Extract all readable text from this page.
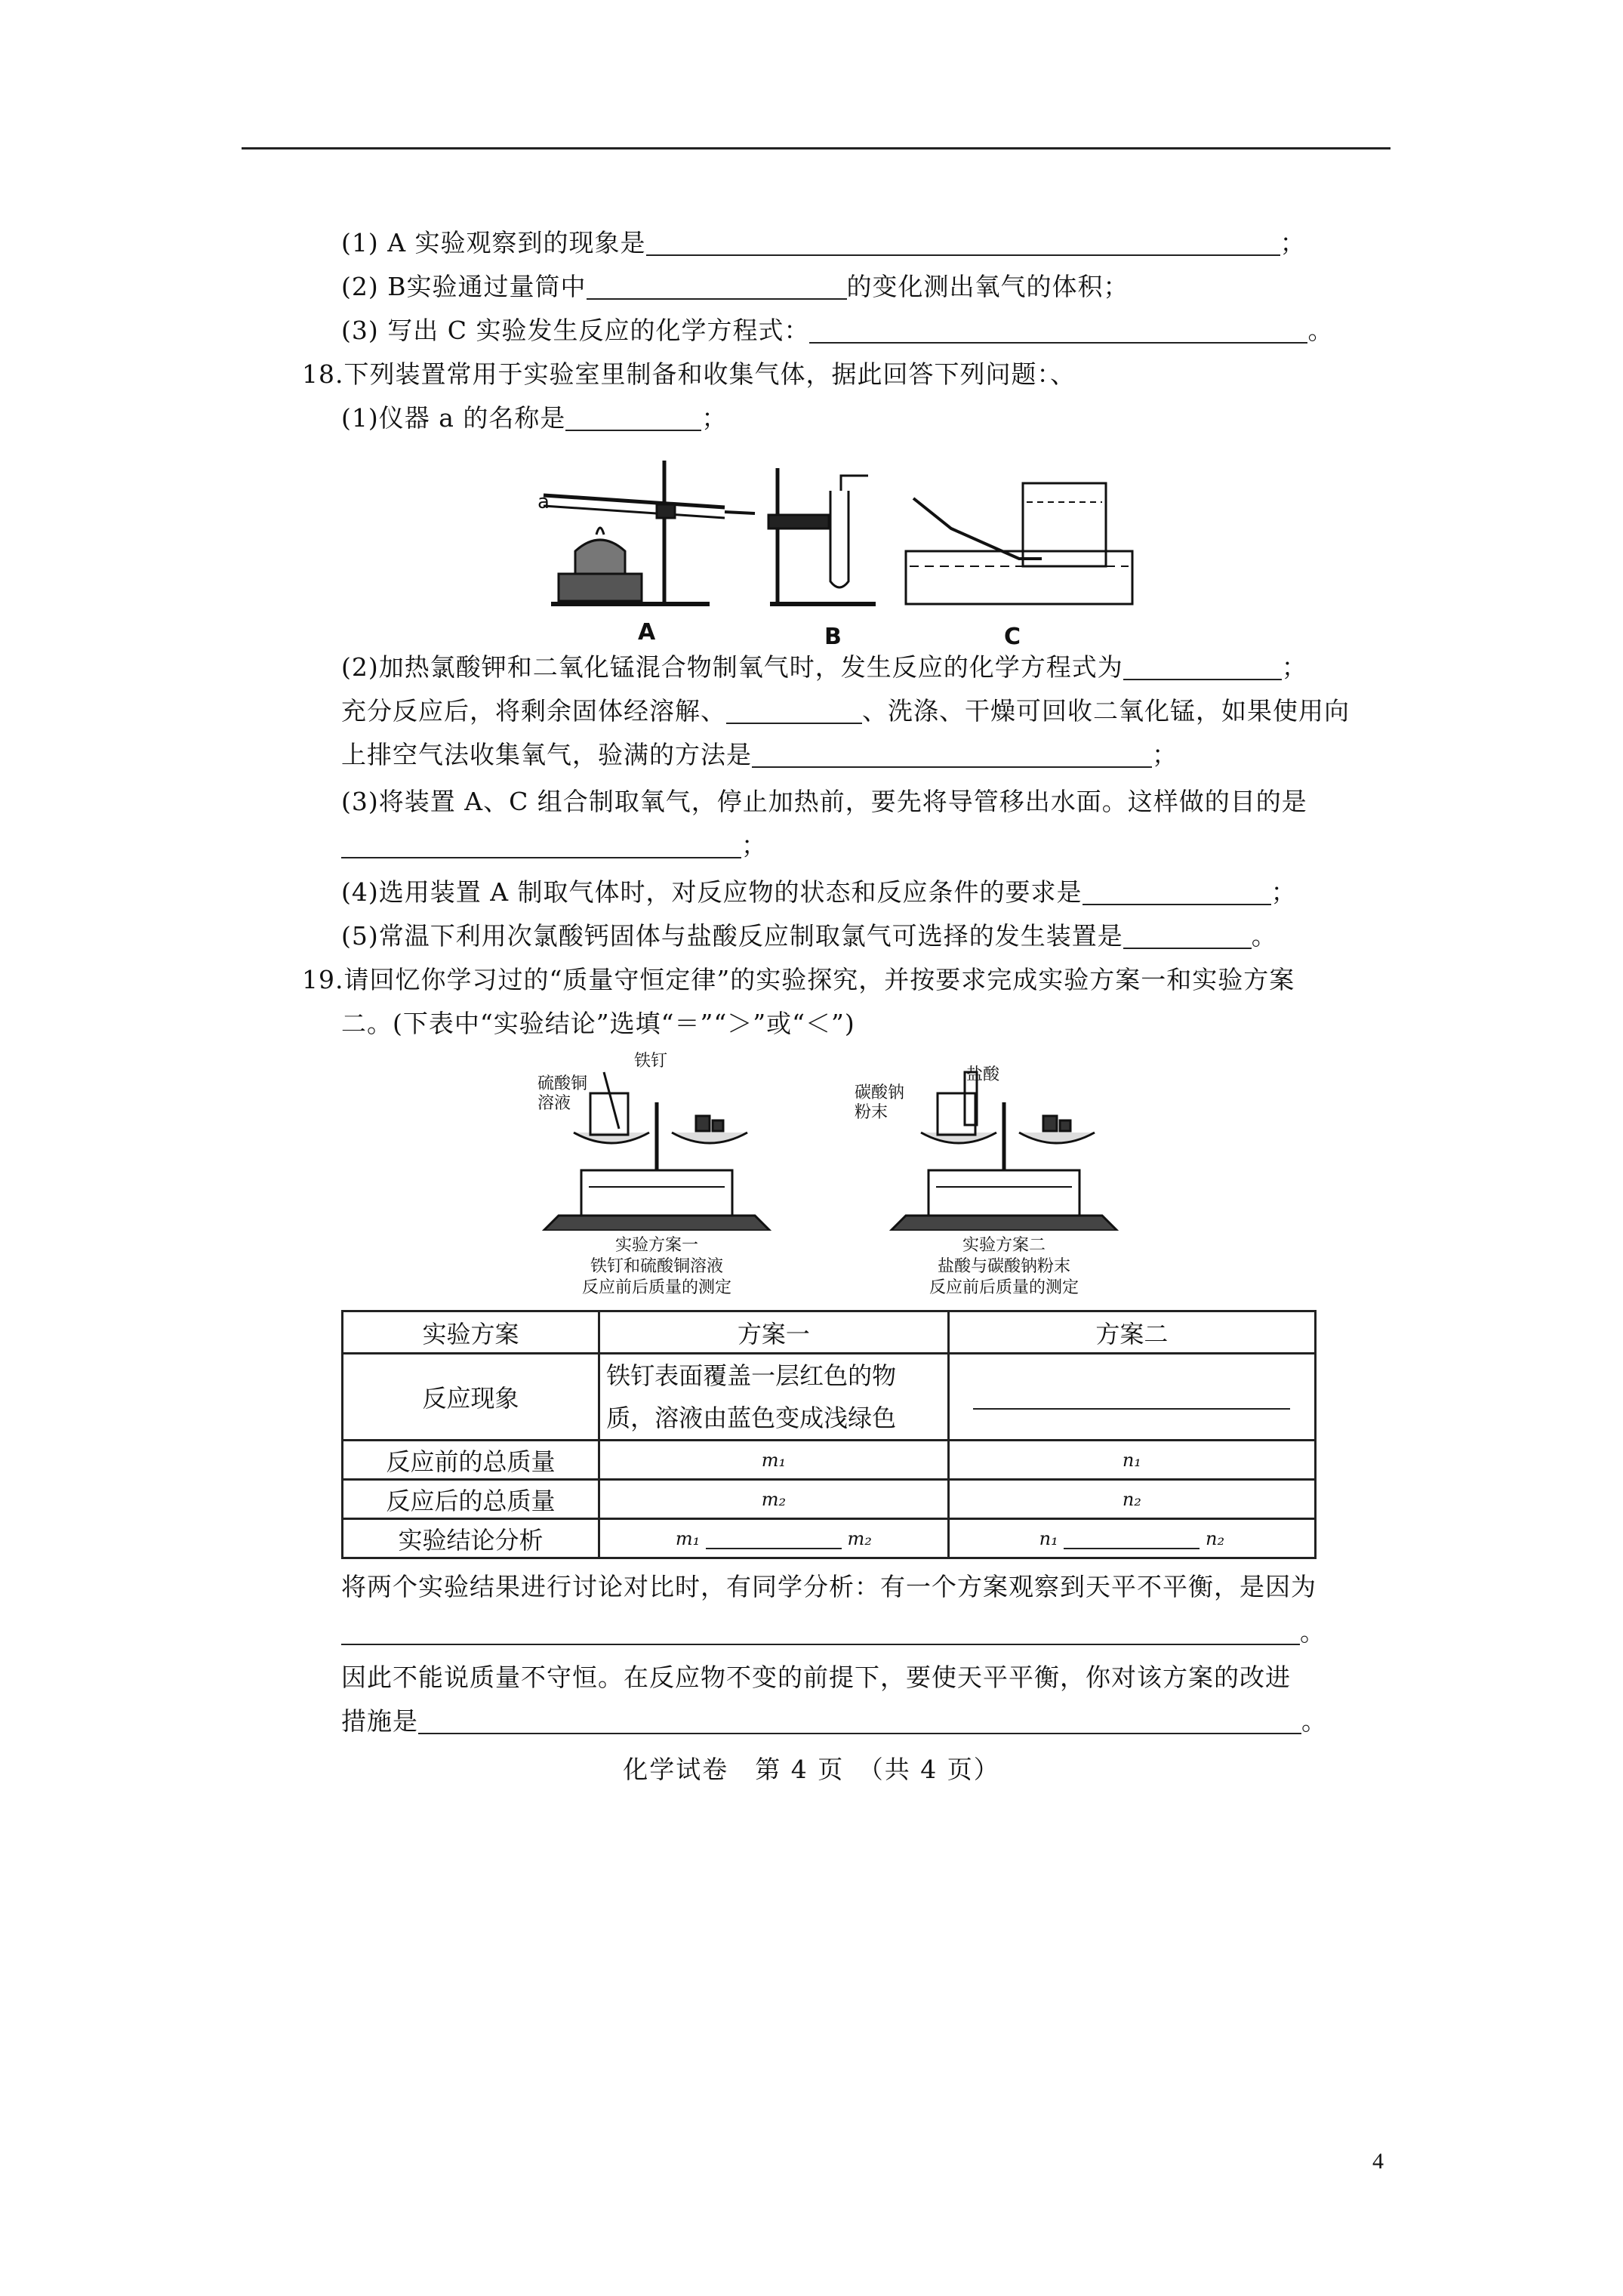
(1) A 实验观察到的现象是	；
(2) B实验通过量筒中	的变化测出氧气的体积；
(3) 写出 C 实验发生反应的化学方程式：	。
18.下列装置常用于实验室里制备和收集气体，据此回答下列问题：、
(1)仪器 a 的名称是	；
a
A	B	C
(2)加热氯酸钾和二氧化锰混合物制氧气时，发生反应的化学方程式为	；
充分反应后，将剩余固体经溶解、	、洗涤、干燥可回收二氧化锰，如果使用向
上排空气法收集氧气，验满的方法是	；
(3)将装置 A、C 组合制取氧气，停止加热前，要先将导管移出水面。这样做的目的是
；
(4)选用装置 A 制取气体时，对反应物的状态和反应条件的要求是	；
(5)常温下利用次氯酸钙固体与盐酸反应制取氯气可选择的发生装置是	。
19.请回忆你学习过的“质量守恒定律”的实验探究，并按要求完成实验方案一和实验方案
二。(下表中“实验结论”选填“＝”“＞”或“＜”)
铁钉
硫酸铜
溶液
实验方案一
铁钉和硫酸铜溶液
反应前后质量的测定
盐酸
碳酸钠
粉末
实验方案二
盐酸与碳酸钠粉末
反应前后质量的测定
实验方案	方案一	方案二
反应现象	铁钉表面覆盖一层红色的物
质，溶液由蓝色变成浅绿色	

反应前的总质量	m₁	n₁
反应后的总质量	m₂	n₂
实验结论分析	m₁ m₂	n₁ n₂
将两个实验结果进行讨论对比时，有同学分析：有一个方案观察到天平不平衡，是因为
。
因此不能说质量不守恒。在反应物不变的前提下，要使天平平衡，你对该方案的改进
措施是	。
化学试卷　第 4 页　（共 4 页）
4
